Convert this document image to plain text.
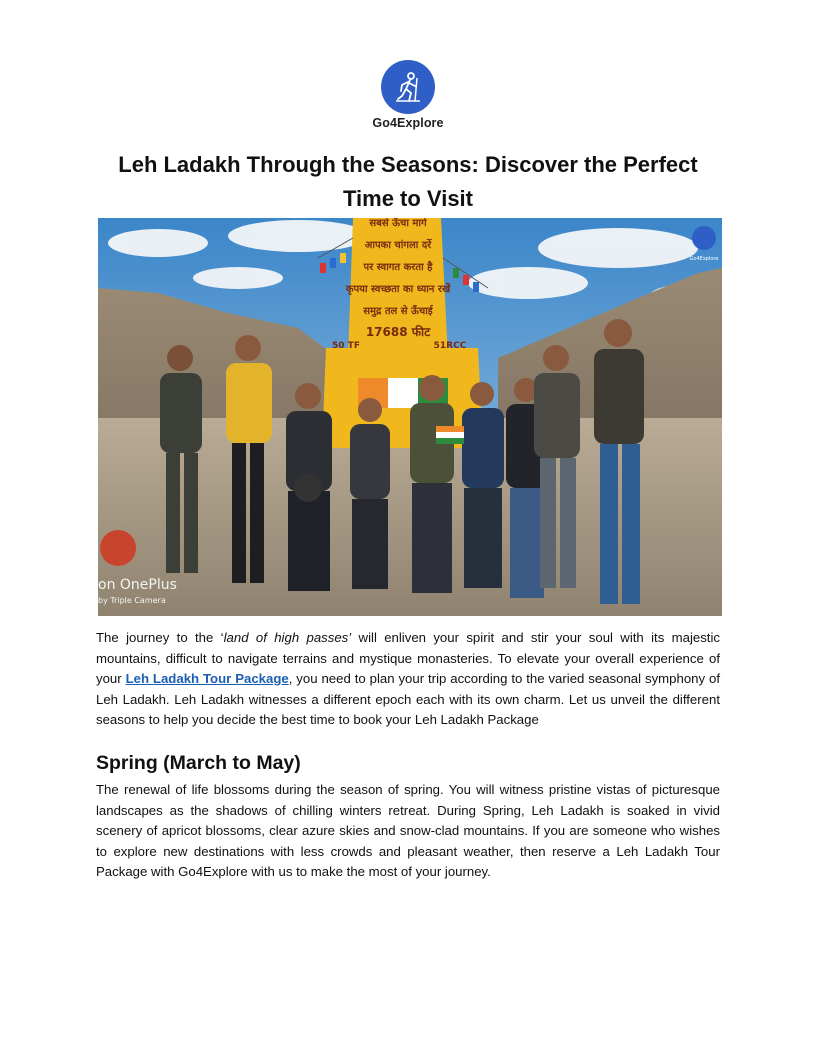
Go4Explore
Leh Ladakh Through the Seasons: Discover the Perfect Time to Visit
सबसे ऊँचा मार्ग
आपका चांगला दर्रे
पर स्वागत करता है
कृपया स्वच्छता का ध्यान रखें
समुद्र तल से ऊँचाई
17688 फीट
50 TF	51RCC
on OnePlus
by Triple Camera
Go4Explore
The journey to the ‘land of high passes’ will enliven your spirit and stir your soul with its majestic mountains, difficult to navigate terrains and mystique monasteries. To elevate your overall experience of your Leh Ladakh Tour Package, you need to plan your trip according to the varied seasonal symphony of Leh Ladakh. Leh Ladakh witnesses a different epoch each with its own charm. Let us unveil the different seasons to help you decide the best time to book your Leh Ladakh Package
Spring (March to May)
The renewal of life blossoms during the season of spring. You will witness pristine vistas of picturesque landscapes as the shadows of chilling winters retreat. During Spring, Leh Ladakh is soaked in vivid scenery of apricot blossoms, clear azure skies and snow-clad mountains. If you are someone who wishes to explore new destinations with less crowds and pleasant weather, then reserve a Leh Ladakh Tour Package with Go4Explore with us to make the most of your journey.
